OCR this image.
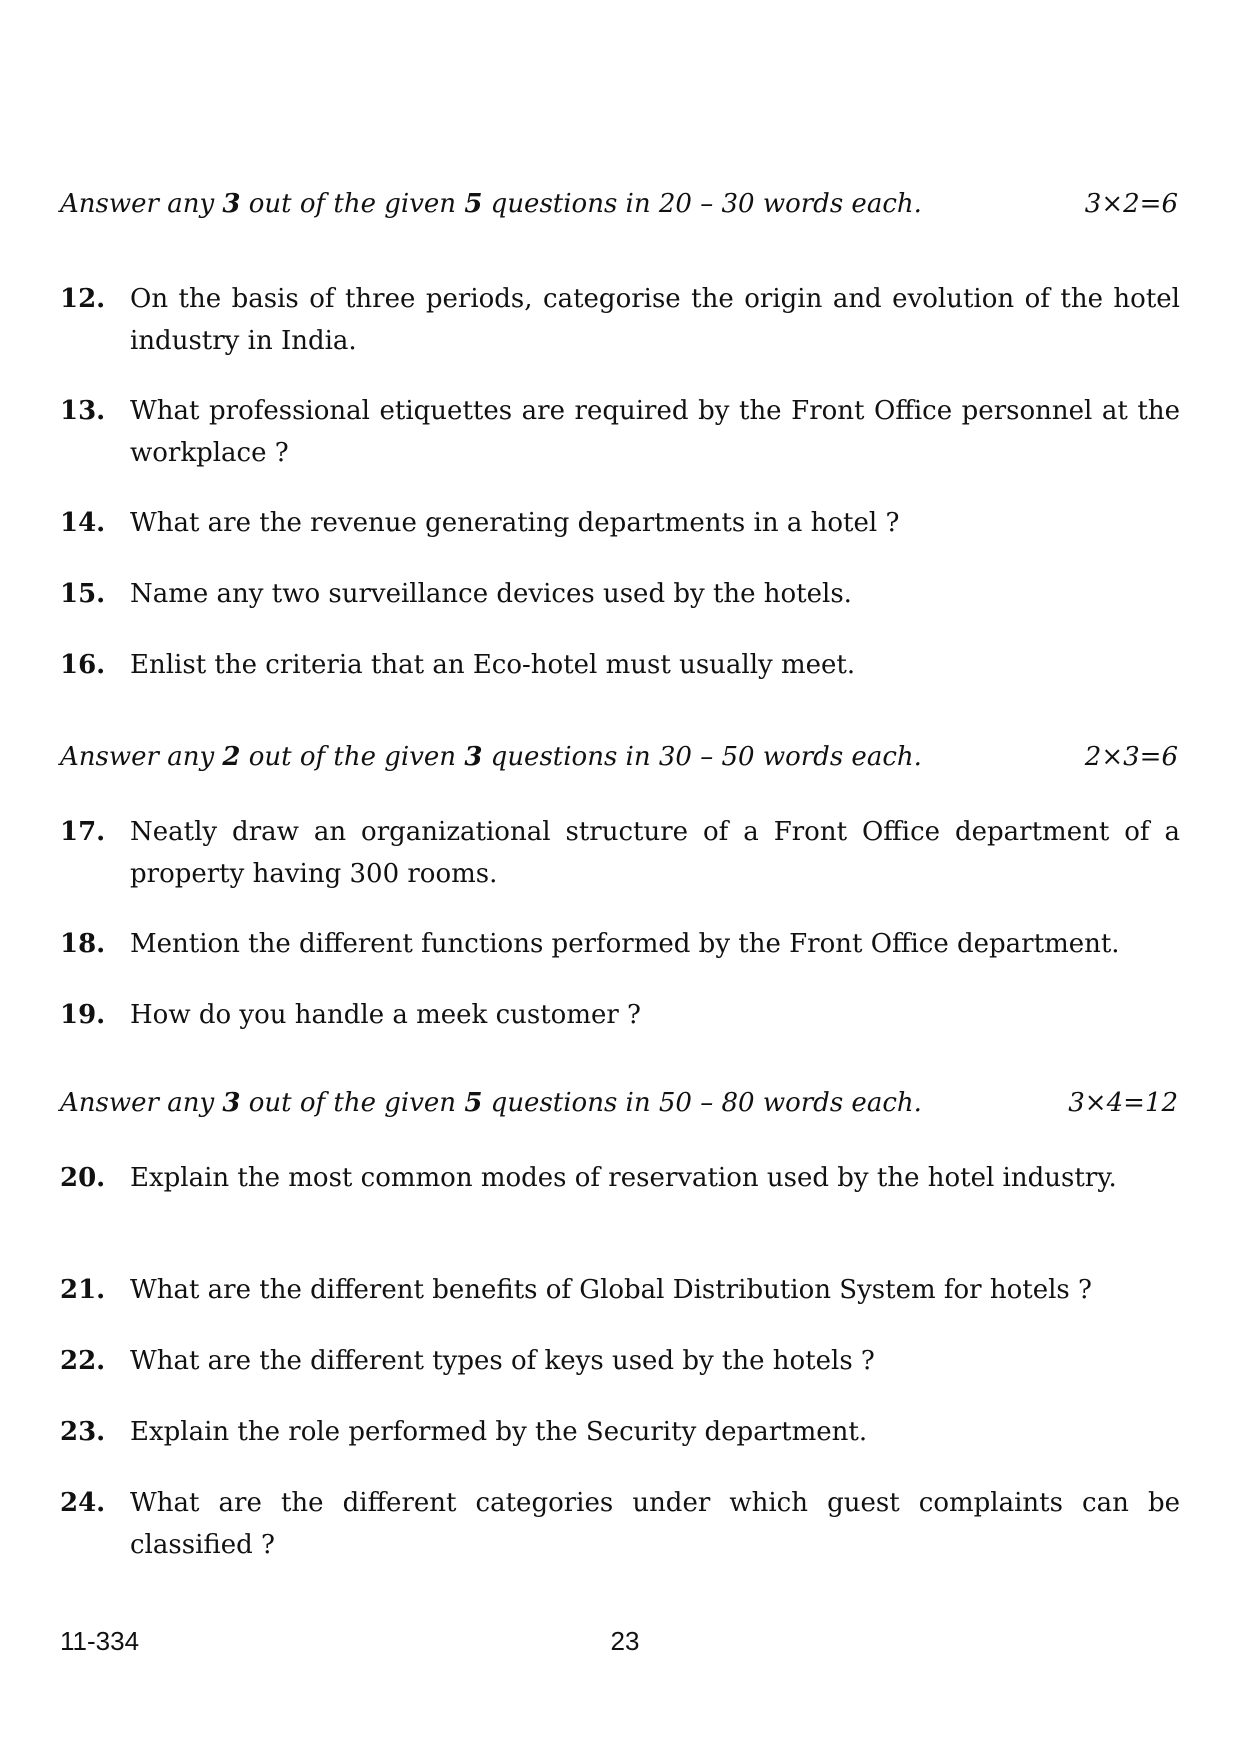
Answer any 3 out of the given 5 questions in 20 – 30 words each.	3×2=6
12. On the basis of three periods, categorise the origin and evolution of the hotel industry in India.
13. What professional etiquettes are required by the Front Office personnel at the workplace ?
14. What are the revenue generating departments in a hotel ?
15. Name any two surveillance devices used by the hotels.
16. Enlist the criteria that an Eco-hotel must usually meet.
Answer any 2 out of the given 3 questions in 30 – 50 words each.	2×3=6
17. Neatly draw an organizational structure of a Front Office department of a property having 300 rooms.
18. Mention the different functions performed by the Front Office department.
19. How do you handle a meek customer ?
Answer any 3 out of the given 5 questions in 50 – 80 words each.	3×4=12
20. Explain the most common modes of reservation used by the hotel industry.
21. What are the different benefits of Global Distribution System for hotels ?
22. What are the different types of keys used by the hotels ?
23. Explain the role performed by the Security department.
24. What are the different categories under which guest complaints can be classified ?
11-334	23
